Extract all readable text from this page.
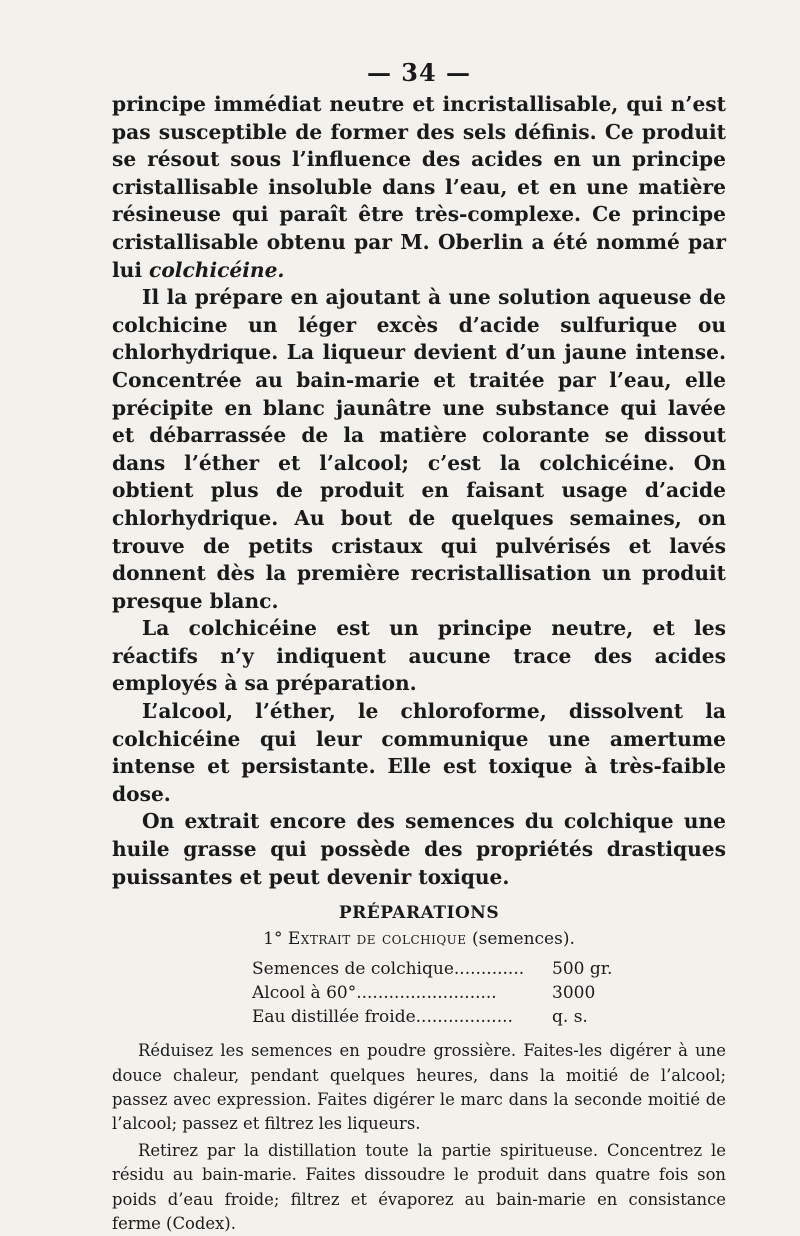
— 34 —

principe immédiat neutre et incristallisable, qui n’est pas susceptible de former des sels définis. Ce produit se résout sous l’influence des acides en un principe cristallisable insoluble dans l’eau, et en une matière résineuse qui paraît être très-complexe. Ce principe cristallisable obtenu par M. Oberlin a été nommé par lui colchicéine.

Il la prépare en ajoutant à une solution aqueuse de colchicine un léger excès d’acide sulfurique ou chlorhydrique. La liqueur devient d’un jaune intense. Concentrée au bain-marie et traitée par l’eau, elle précipite en blanc jaunâtre une substance qui lavée et débarrassée de la matière colorante se dissout dans l’éther et l’alcool; c’est la colchicéine. On obtient plus de produit en faisant usage d’acide chlorhydrique. Au bout de quelques semaines, on trouve de petits cristaux qui pulvérisés et lavés donnent dès la première recristallisation un produit presque blanc.

La colchicéine est un principe neutre, et les réactifs n’y indiquent aucune trace des acides employés à sa préparation.

L’alcool, l’éther, le chloroforme, dissolvent la colchicéine qui leur communique une amertume intense et persistante. Elle est toxique à très-faible dose.

On extrait encore des semences du colchique une huile grasse qui possède des propriétés drastiques puissantes et peut devenir toxique.

PRÉPARATIONS
1° Extrait de colchique (semences).
Semences de colchique............. 500 gr.
Alcool à 60°..........................	3000
Eau distillée froide.................. q. s.

Réduisez les semences en poudre grossière. Faites-les digérer à une douce chaleur, pendant quelques heures, dans la moitié de l’alcool; passez avec expression. Faites digérer le marc dans la seconde moitié de l’alcool; passez et filtrez les liqueurs.

Retirez par la distillation toute la partie spiritueuse. Concentrez le résidu au bain-marie. Faites dissoudre le produit dans quatre fois son poids d’eau froide; filtrez et évaporez au bain-marie en consistance ferme (Codex).
